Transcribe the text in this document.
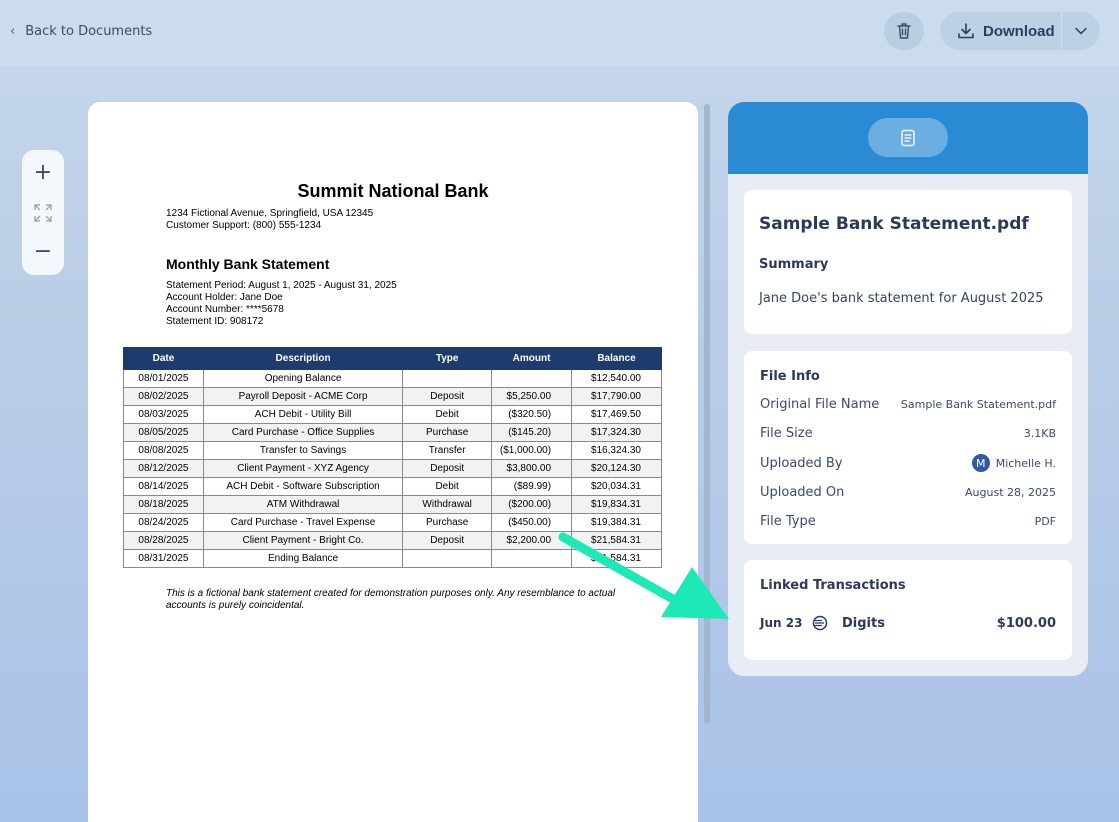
‹ Back to Documents	Download
+
−
Summit National Bank
1234 Fictional Avenue, Springfield, USA 12345
Customer Support: (800) 555-1234
Monthly Bank Statement
Statement Period: August 1, 2025 - August 31, 2025
Account Holder: Jane Doe
Account Number: ****5678
Statement ID: 908172
Date	Description	Type	Amount	Balance
08/01/2025	Opening Balance			$12,540.00
08/02/2025	Payroll Deposit - ACME Corp	Deposit	$5,250.00	$17,790.00
08/03/2025	ACH Debit - Utility Bill	Debit	($320.50)	$17,469.50
08/05/2025	Card Purchase - Office Supplies	Purchase	($145.20)	$17,324.30
08/08/2025	Transfer to Savings	Transfer	($1,000.00)	$16,324.30
08/12/2025	Client Payment - XYZ Agency	Deposit	$3,800.00	$20,124.30
08/14/2025	ACH Debit - Software Subscription	Debit	($89.99)	$20,034.31
08/18/2025	ATM Withdrawal	Withdrawal	($200.00)	$19,834.31
08/24/2025	Card Purchase - Travel Expense	Purchase	($450.00)	$19,384.31
08/28/2025	Client Payment - Bright Co.	Deposit	$2,200.00	$21,584.31
08/31/2025	Ending Balance			$21,584.31
This is a fictional bank statement created for demonstration purposes only. Any resemblance to actual accounts is purely coincidental.
Sample Bank Statement.pdf
Summary
Jane Doe's bank statement for August 2025
File Info
Original File Name Sample Bank Statement.pdf
File Size	3.1KB
Uploaded By	M Michelle H.
Uploaded On	August 28, 2025
File Type	PDF
Linked Transactions
Jun 23	Digits	$100.00
